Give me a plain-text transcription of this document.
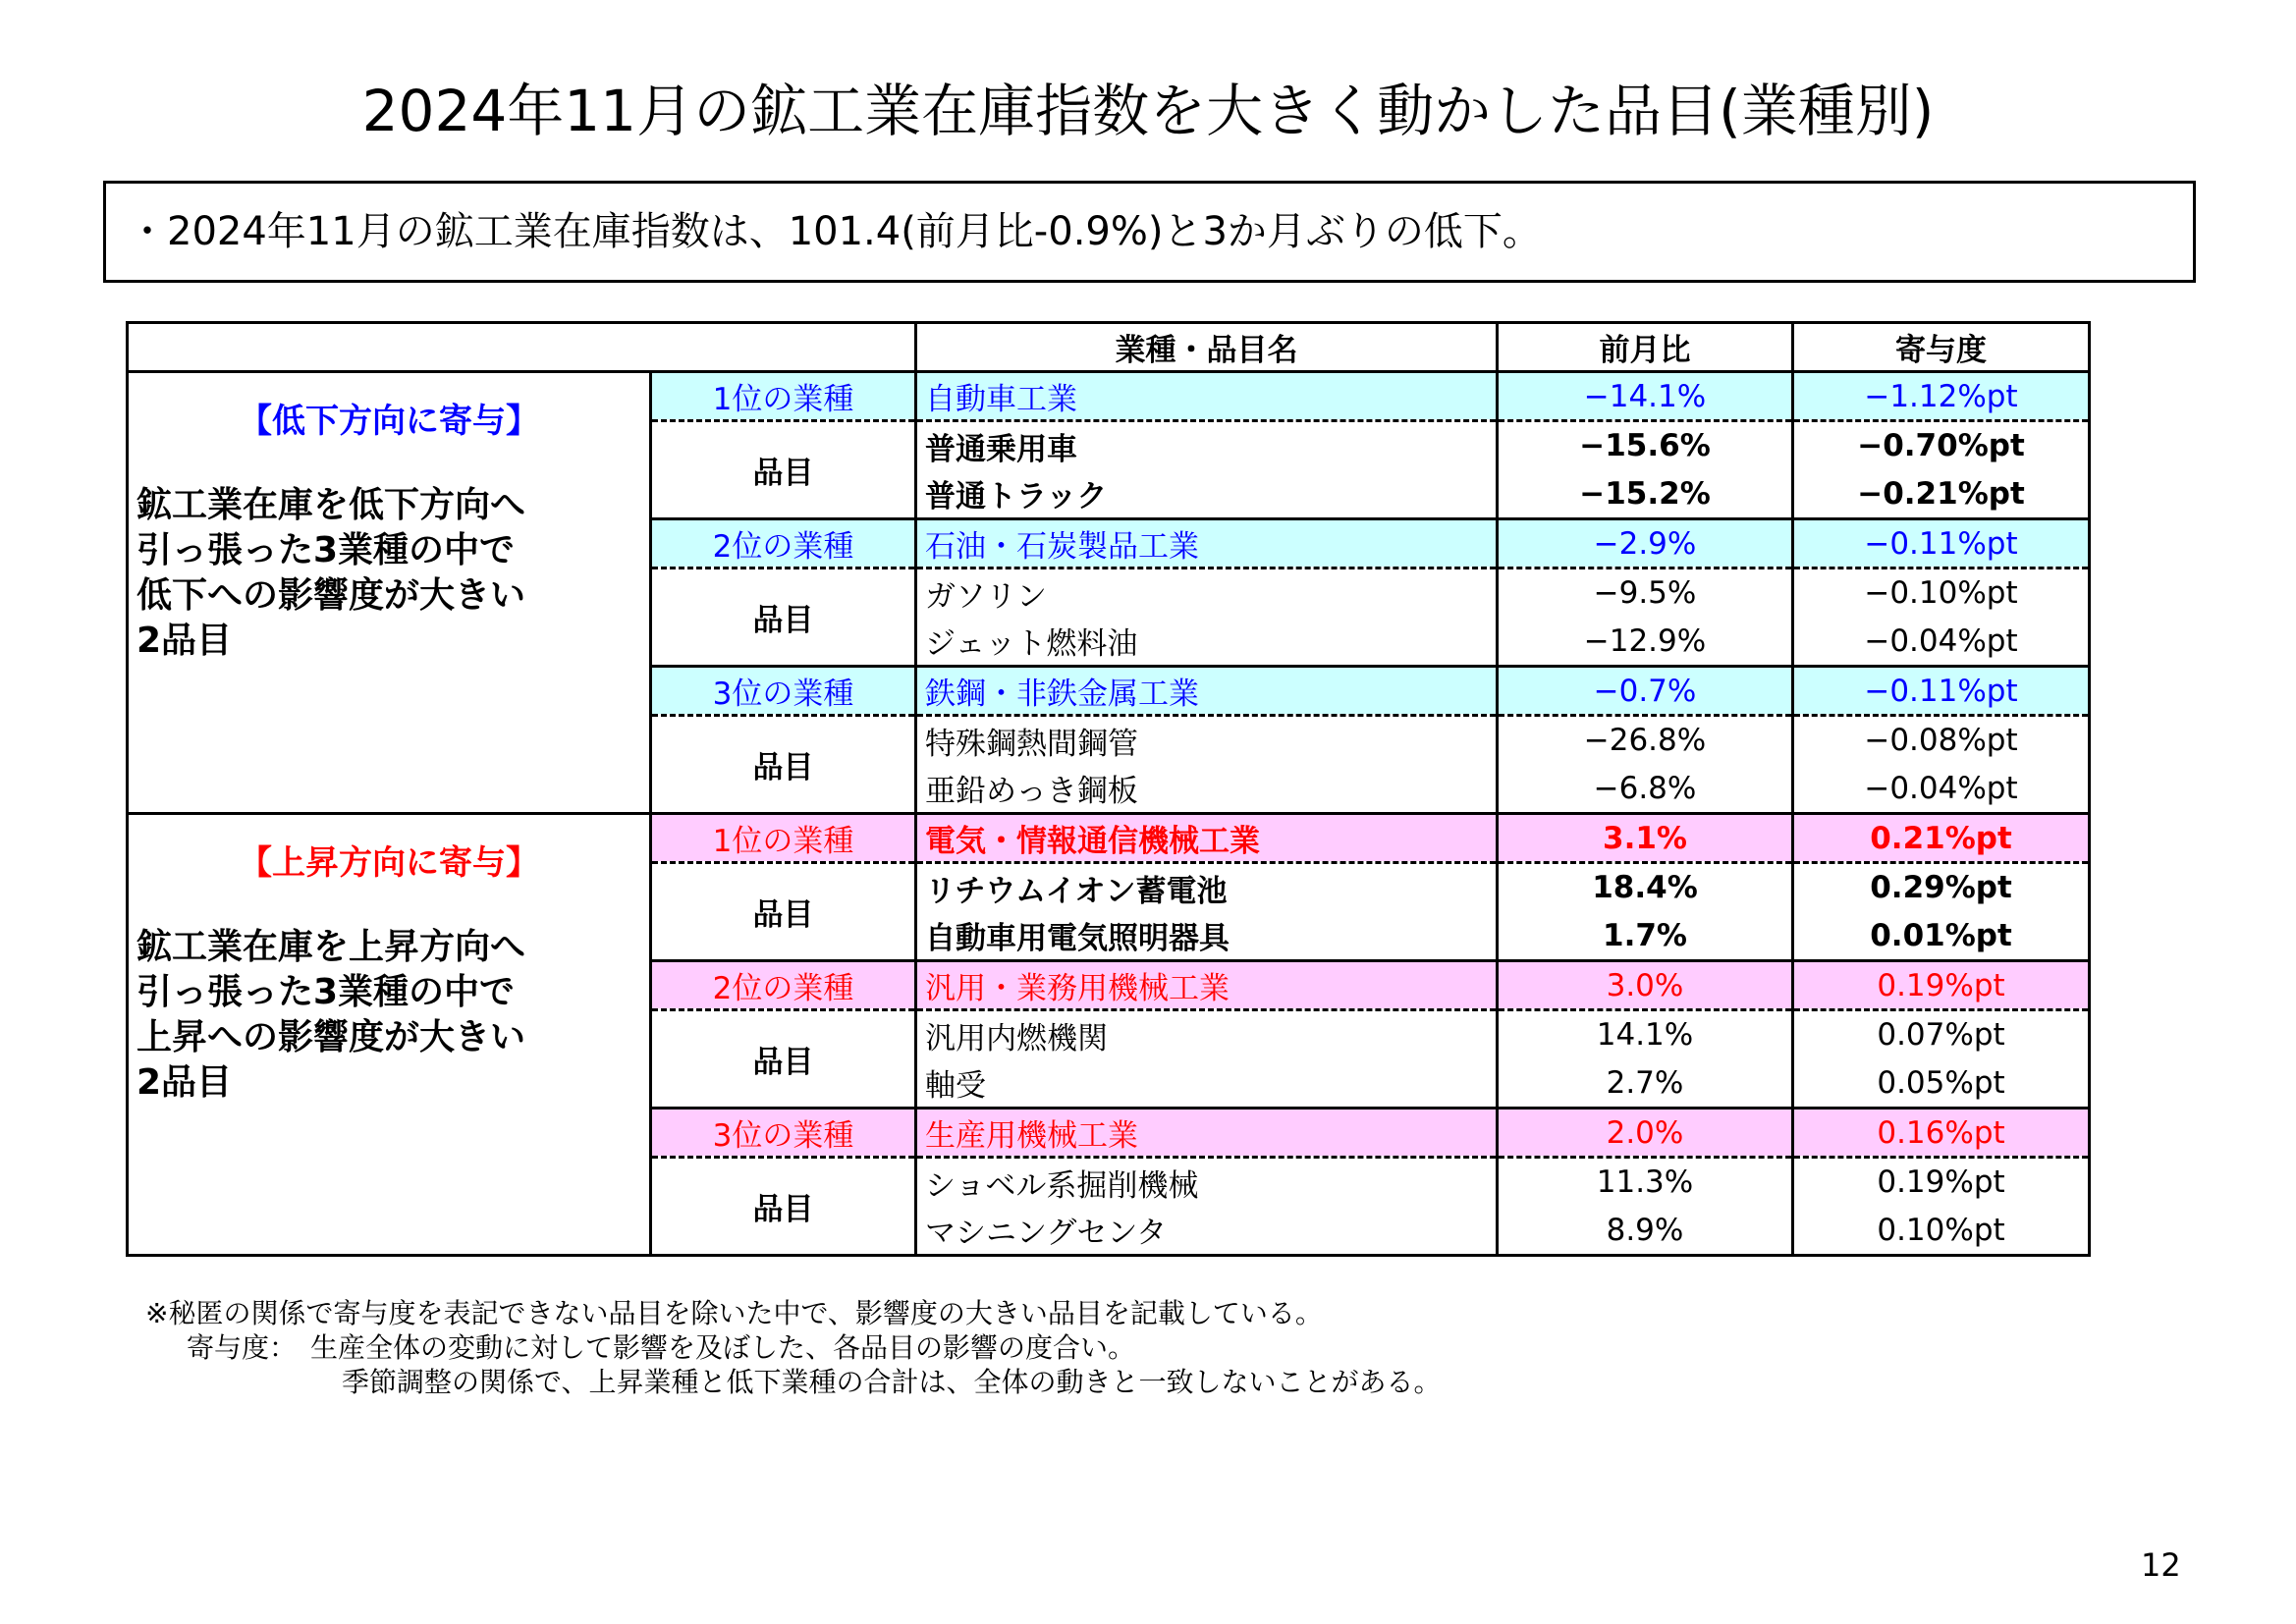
2024年11月の鉱工業在庫指数を大きく動かした品目(業種別)
・2024年11月の鉱工業在庫指数は、101.4(前月比-0.9%)と3か月ぶりの低下。
		業種・品目名	前月比	寄与度

【低下方向に寄与】
鉱工業在庫を低下方向へ
引っ張った3業種の中で
低下への影響度が大きい
2品目	1位の業種	自動車工業	−14.1%	−1.12%pt
	品目	普通乗用車	−15.6%	−0.70%pt
		普通トラック	−15.2%	−0.21%pt
	2位の業種	石油・石炭製品工業	−2.9%	−0.11%pt
	品目	ガソリン	−9.5%	−0.10%pt
		ジェット燃料油	−12.9%	−0.04%pt
	3位の業種	鉄鋼・非鉄金属工業	−0.7%	−0.11%pt
	品目	特殊鋼熱間鋼管	−26.8%	−0.08%pt
		亜鉛めっき鋼板	−6.8%	−0.04%pt

【上昇方向に寄与】
鉱工業在庫を上昇方向へ
引っ張った3業種の中で
上昇への影響度が大きい
2品目	1位の業種	電気・情報通信機械工業	3.1%	0.21%pt
	品目	リチウムイオン蓄電池	18.4%	0.29%pt
		自動車用電気照明器具	1.7%	0.01%pt
	2位の業種	汎用・業務用機械工業	3.0%	0.19%pt
	品目	汎用内燃機関	14.1%	0.07%pt
		軸受	2.7%	0.05%pt
	3位の業種	生産用機械工業	2.0%	0.16%pt
	品目	ショベル系掘削機械	11.3%	0.19%pt
		マシニングセンタ	8.9%	0.10%pt
※秘匿の関係で寄与度を表記できない品目を除いた中で、影響度の大きい品目を記載している。
寄与度：　生産全体の変動に対して影響を及ぼした、各品目の影響の度合い。
季節調整の関係で、上昇業種と低下業種の合計は、全体の動きと一致しないことがある。
12
